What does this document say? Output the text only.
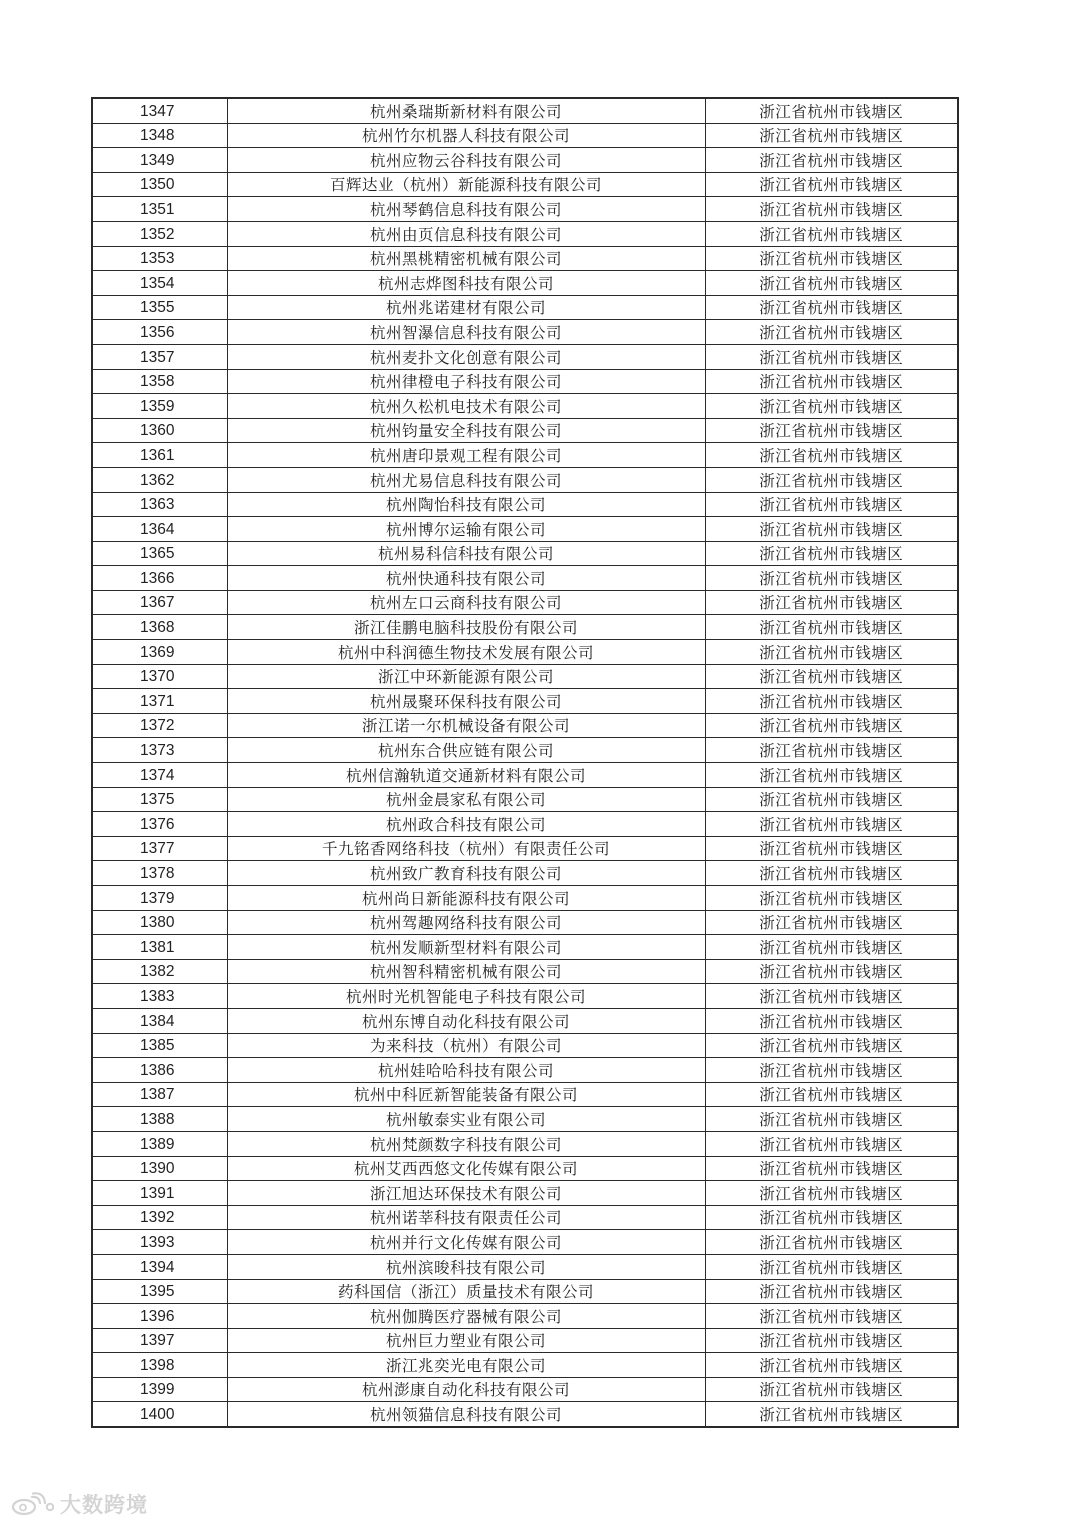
1347	杭州桑瑞斯新材料有限公司	浙江省杭州市钱塘区
1348	杭州竹尔机器人科技有限公司	浙江省杭州市钱塘区
1349	杭州应物云谷科技有限公司	浙江省杭州市钱塘区
1350	百辉达业（杭州）新能源科技有限公司	浙江省杭州市钱塘区
1351	杭州琴鹤信息科技有限公司	浙江省杭州市钱塘区
1352	杭州由页信息科技有限公司	浙江省杭州市钱塘区
1353	杭州黑桃精密机械有限公司	浙江省杭州市钱塘区
1354	杭州志烨图科技有限公司	浙江省杭州市钱塘区
1355	杭州兆诺建材有限公司	浙江省杭州市钱塘区
1356	杭州智瀑信息科技有限公司	浙江省杭州市钱塘区
1357	杭州麦扑文化创意有限公司	浙江省杭州市钱塘区
1358	杭州律橙电子科技有限公司	浙江省杭州市钱塘区
1359	杭州久松机电技术有限公司	浙江省杭州市钱塘区
1360	杭州钧量安全科技有限公司	浙江省杭州市钱塘区
1361	杭州唐印景观工程有限公司	浙江省杭州市钱塘区
1362	杭州尤易信息科技有限公司	浙江省杭州市钱塘区
1363	杭州陶怡科技有限公司	浙江省杭州市钱塘区
1364	杭州博尔运输有限公司	浙江省杭州市钱塘区
1365	杭州易科信科技有限公司	浙江省杭州市钱塘区
1366	杭州快通科技有限公司	浙江省杭州市钱塘区
1367	杭州左口云商科技有限公司	浙江省杭州市钱塘区
1368	浙江佳鹏电脑科技股份有限公司	浙江省杭州市钱塘区
1369	杭州中科润德生物技术发展有限公司	浙江省杭州市钱塘区
1370	浙江中环新能源有限公司	浙江省杭州市钱塘区
1371	杭州晟聚环保科技有限公司	浙江省杭州市钱塘区
1372	浙江诺一尔机械设备有限公司	浙江省杭州市钱塘区
1373	杭州东合供应链有限公司	浙江省杭州市钱塘区
1374	杭州信瀚轨道交通新材料有限公司	浙江省杭州市钱塘区
1375	杭州金晨家私有限公司	浙江省杭州市钱塘区
1376	杭州政合科技有限公司	浙江省杭州市钱塘区
1377	千九铭香网络科技（杭州）有限责任公司	浙江省杭州市钱塘区
1378	杭州致广教育科技有限公司	浙江省杭州市钱塘区
1379	杭州尚日新能源科技有限公司	浙江省杭州市钱塘区
1380	杭州驾趣网络科技有限公司	浙江省杭州市钱塘区
1381	杭州发顺新型材料有限公司	浙江省杭州市钱塘区
1382	杭州智科精密机械有限公司	浙江省杭州市钱塘区
1383	杭州时光机智能电子科技有限公司	浙江省杭州市钱塘区
1384	杭州东博自动化科技有限公司	浙江省杭州市钱塘区
1385	为来科技（杭州）有限公司	浙江省杭州市钱塘区
1386	杭州娃哈哈科技有限公司	浙江省杭州市钱塘区
1387	杭州中科匠新智能装备有限公司	浙江省杭州市钱塘区
1388	杭州敏泰实业有限公司	浙江省杭州市钱塘区
1389	杭州梵颜数字科技有限公司	浙江省杭州市钱塘区
1390	杭州艾西西悠文化传媒有限公司	浙江省杭州市钱塘区
1391	浙江旭达环保技术有限公司	浙江省杭州市钱塘区
1392	杭州诺莘科技有限责任公司	浙江省杭州市钱塘区
1393	杭州并行文化传媒有限公司	浙江省杭州市钱塘区
1394	杭州滨晙科技有限公司	浙江省杭州市钱塘区
1395	药科国信（浙江）质量技术有限公司	浙江省杭州市钱塘区
1396	杭州伽腾医疗器械有限公司	浙江省杭州市钱塘区
1397	杭州巨力塑业有限公司	浙江省杭州市钱塘区
1398	浙江兆奕光电有限公司	浙江省杭州市钱塘区
1399	杭州澎康自动化科技有限公司	浙江省杭州市钱塘区
1400	杭州领猫信息科技有限公司	浙江省杭州市钱塘区
大数跨境
